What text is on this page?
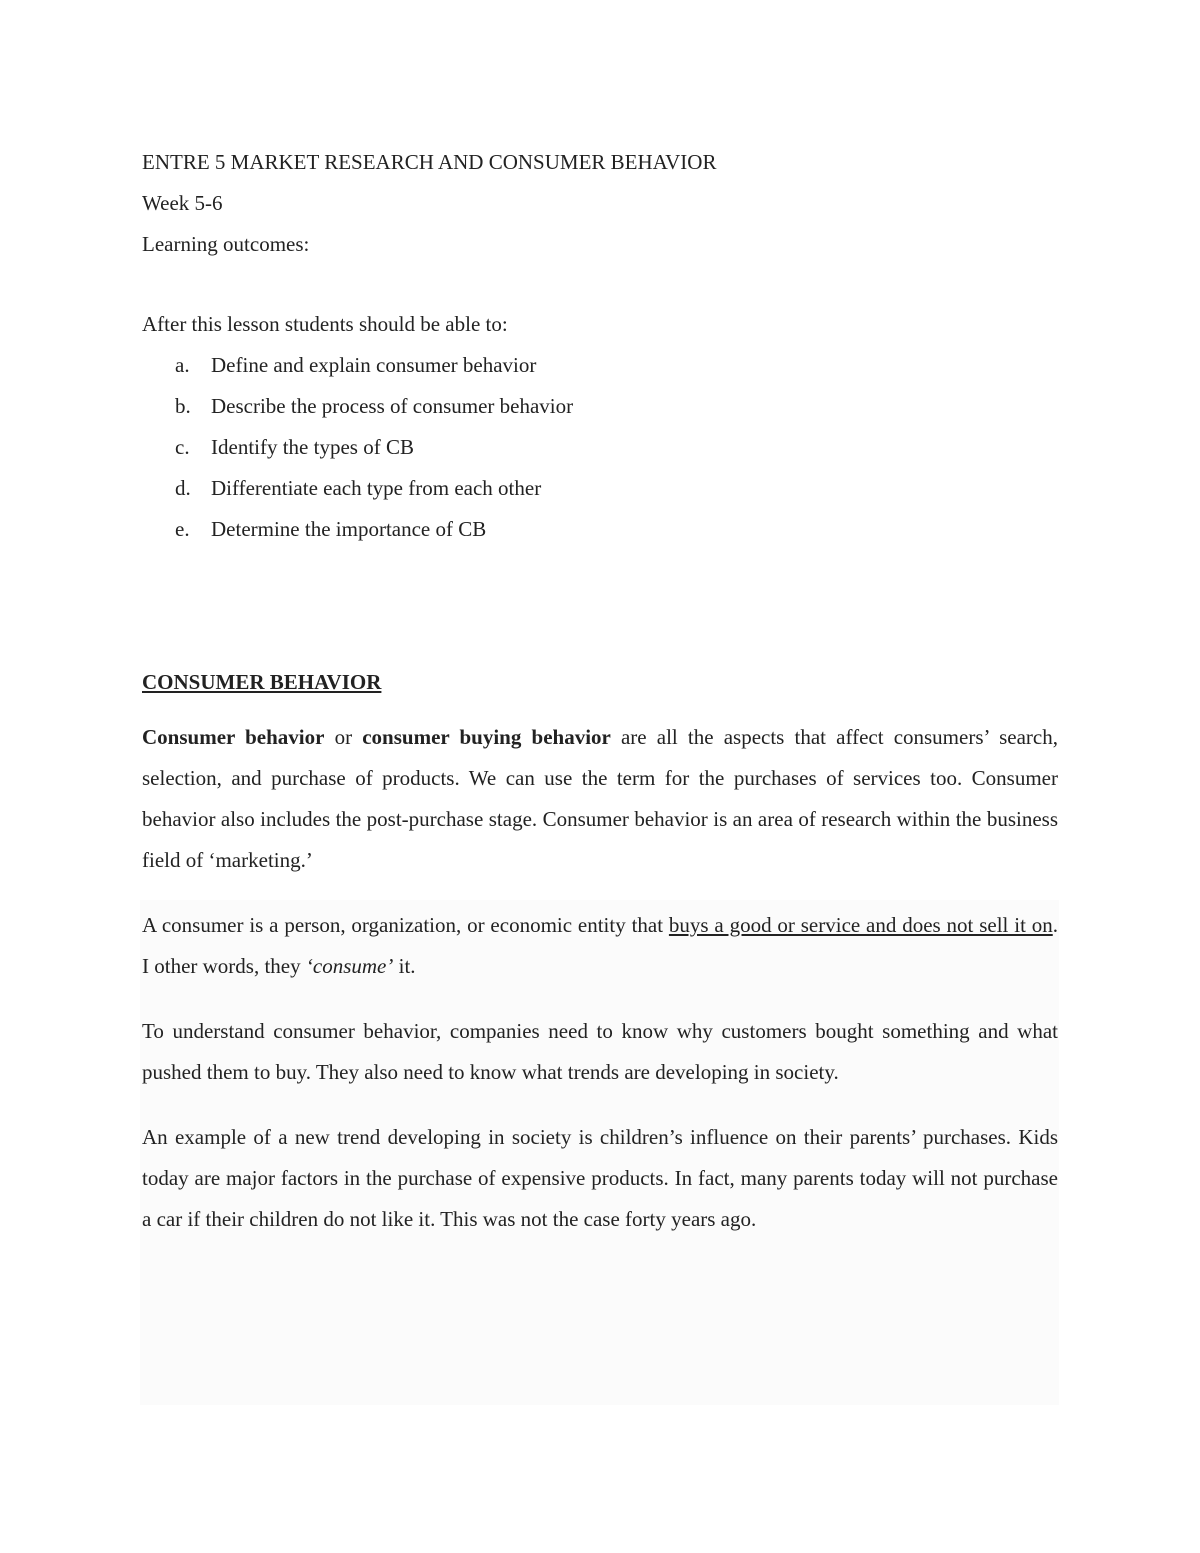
ENTRE 5 MARKET RESEARCH AND CONSUMER BEHAVIOR
Week 5-6
Learning outcomes:
After this lesson students should be able to:
a. Define and explain consumer behavior
b. Describe the process of consumer behavior
c. Identify the types of CB
d. Differentiate each type from each other
e. Determine the importance of CB
CONSUMER BEHAVIOR

Consumer behavior or consumer buying behavior are all the aspects that affect consumers’ search, selection, and purchase of products. We can use the term for the purchases of services too. Consumer behavior also includes the post-purchase stage. Consumer behavior is an area of research within the business field of ‘marketing.’

A consumer is a person, organization, or economic entity that buys a good or service and does not sell it on. I other words, they ‘consume’ it.

To understand consumer behavior, companies need to know why customers bought something and what pushed them to buy. They also need to know what trends are developing in society.

An example of a new trend developing in society is children’s influence on their parents’ purchases. Kids today are major factors in the purchase of expensive products. In fact, many parents today will not purchase a car if their children do not like it. This was not the case forty years ago.
